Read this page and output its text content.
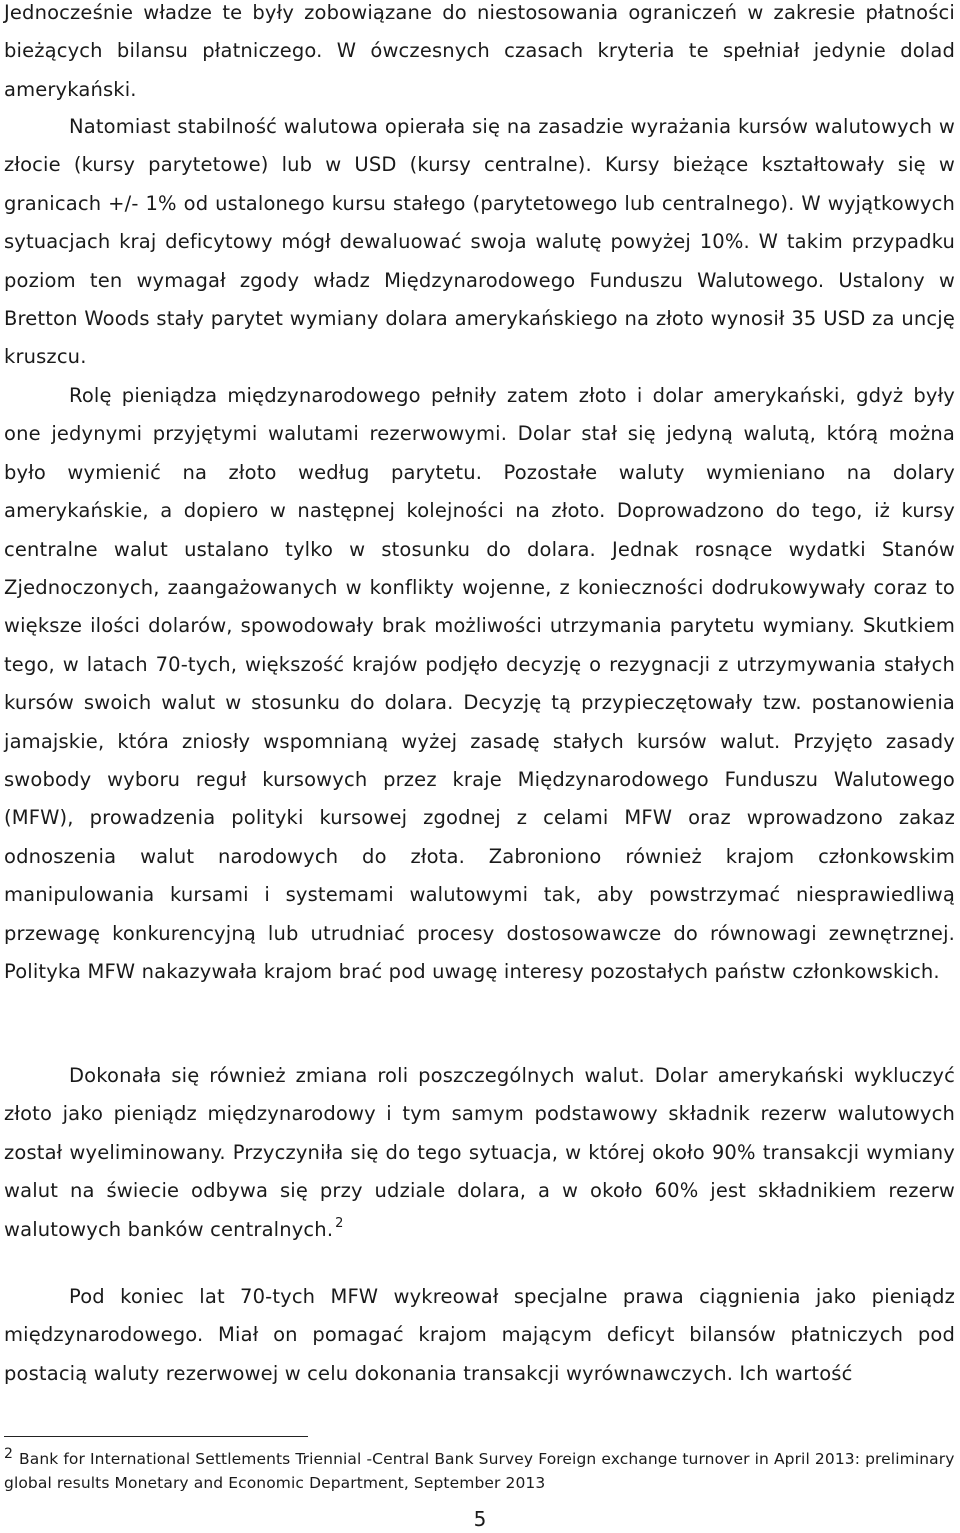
Jednocześnie władze te były zobowiązane do niestosowania ograniczeń w zakresie płatności bieżących bilansu płatniczego. W ówczesnych czasach kryteria te spełniał jedynie dolad amerykański.

Natomiast stabilność walutowa opierała się na zasadzie wyrażania kursów walutowych w złocie (kursy parytetowe) lub w USD (kursy centralne). Kursy bieżące kształtowały się w granicach +/- 1% od ustalonego kursu stałego (parytetowego lub centralnego). W wyjątkowych sytuacjach kraj deficytowy mógł dewaluować swoja walutę powyżej 10%. W takim przypadku poziom ten wymagał zgody władz Międzynarodowego Funduszu Walutowego. Ustalony w Bretton Woods stały parytet wymiany dolara amerykańskiego na złoto wynosił 35 USD za uncję kruszcu.

Rolę pieniądza międzynarodowego pełniły zatem złoto i dolar amerykański, gdyż były one jedynymi przyjętymi walutami rezerwowymi. Dolar stał się jedyną walutą, którą można było wymienić na złoto według parytetu. Pozostałe waluty wymieniano na dolary amerykańskie, a dopiero w następnej kolejności na złoto. Doprowadzono do tego, iż kursy centralne walut ustalano tylko w stosunku do dolara. Jednak rosnące wydatki Stanów Zjednoczonych, zaangażowanych w konflikty wojenne, z konieczności dodrukowywały coraz to większe ilości dolarów, spowodowały brak możliwości utrzymania parytetu wymiany. Skutkiem tego, w latach 70-tych, większość krajów podjęło decyzję o rezygnacji z utrzymywania stałych kursów swoich walut w stosunku do dolara. Decyzję tą przypieczętowały tzw. postanowienia jamajskie, która zniosły wspomnianą wyżej zasadę stałych kursów walut. Przyjęto zasady swobody wyboru reguł kursowych przez kraje Międzynarodowego Funduszu Walutowego (MFW), prowadzenia polityki kursowej zgodnej z celami MFW oraz wprowadzono zakaz odnoszenia walut narodowych do złota. Zabroniono również krajom członkowskim manipulowania kursami i systemami walutowymi tak, aby powstrzymać niesprawiedliwą przewagę konkurencyjną lub utrudniać procesy dostosowawcze do równowagi zewnętrznej. Polityka MFW nakazywała krajom brać pod uwagę interesy pozostałych państw członkowskich.

Dokonała się również zmiana roli poszczególnych walut. Dolar amerykański wykluczyć złoto jako pieniądz międzynarodowy i tym samym podstawowy składnik rezerw walutowych został wyeliminowany. Przyczyniła się do tego sytuacja, w której około 90% transakcji wymiany walut na świecie odbywa się przy udziale dolara, a w około 60% jest składnikiem rezerw walutowych banków centralnych. $^2$

Pod koniec lat 70-tych MFW wykreował specjalne prawa ciągnienia jako pieniądz międzynarodowego. Miał on pomagać krajom mającym deficyt bilansów płatniczych pod postacią waluty rezerwowej w celu dokonania transakcji wyrównawczych. Ich wartość

2 Bank for International Settlements Triennial -Central Bank Survey Foreign exchange turnover in April 2013: preliminary global results Monetary and Economic Department, September 2013

5
